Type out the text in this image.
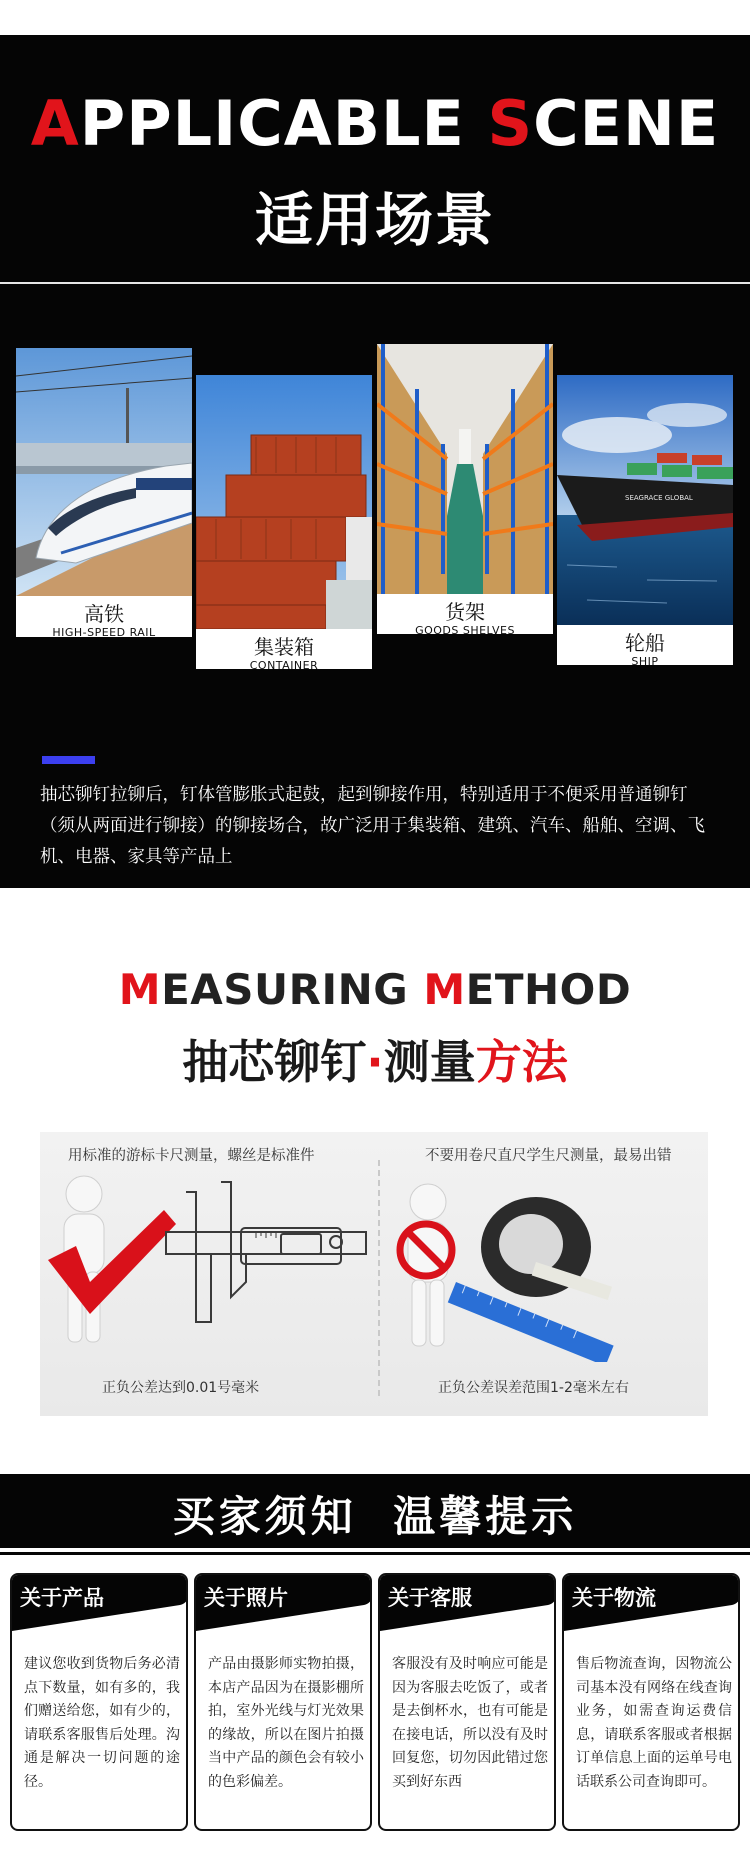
APPLICABLE SCENE
适用场景
高铁
HIGH-SPEED RAIL
集装箱
CONTAINER
货架
GOODS SHELVES
SEAGRACE GLOBAL
轮船
SHIP

抽芯铆钉拉铆后，钉体管膨胀式起鼓，起到铆接作用，特别适用于不便采用普通铆钉（须从两面进行铆接）的铆接场合，故广泛用于集装箱、建筑、汽车、船舶、空调、飞机、电器、家具等产品上

MEASURING METHOD
抽芯铆钉·测量方法
用标准的游标卡尺测量，螺丝是标准件	不要用卷尺直尺学生尺测量，最易出错
正负公差达到0.01号毫米	正负公差误差范围1-2毫米左右
买家须知 温馨提示
关于产品

建议您收到货物后务必清点下数量，如有多的，我们赠送给您，如有少的，请联系客服售后处理。沟通是解决一切问题的途径。

关于照片

产品由摄影师实物拍摄，本店产品因为在摄影棚所拍，室外光线与灯光效果的缘故，所以在图片拍摄当中产品的颜色会有较小的色彩偏差。

关于客服

客服没有及时响应可能是因为客服去吃饭了，或者是去倒杯水，也有可能是在接电话，所以没有及时回复您，切勿因此错过您买到好东西

关于物流

售后物流查询，因物流公司基本没有网络在线查询业务，如需查询运费信息，请联系客服或者根据订单信息上面的运单号电话联系公司查询即可。
